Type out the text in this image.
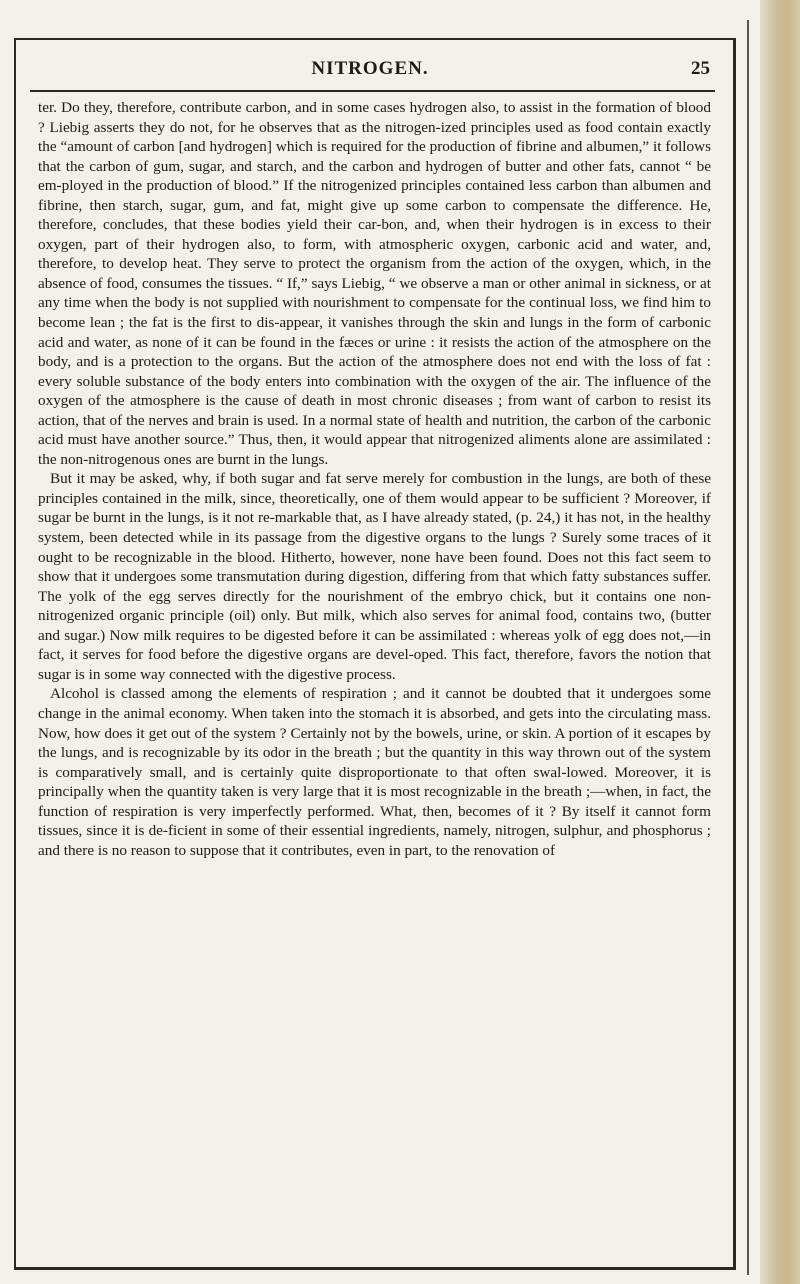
NITROGEN.	25

ter. Do they, therefore, contribute carbon, and in some cases hydrogen also, to assist in the formation of blood ? Liebig asserts they do not, for he observes that as the nitrogen-ized principles used as food contain exactly the “amount of carbon [and hydrogen] which is required for the production of fibrine and albumen,” it follows that the carbon of gum, sugar, and starch, and the carbon and hydrogen of butter and other fats, cannot “ be em-ployed in the production of blood.” If the nitrogenized principles contained less carbon than albumen and fibrine, then starch, sugar, gum, and fat, might give up some carbon to compensate the difference. He, therefore, concludes, that these bodies yield their car-bon, and, when their hydrogen is in excess to their oxygen, part of their hydrogen also, to form, with atmospheric oxygen, carbonic acid and water, and, therefore, to develop heat. They serve to protect the organism from the action of the oxygen, which, in the absence of food, consumes the tissues. “ If,” says Liebig, “ we observe a man or other animal in sickness, or at any time when the body is not supplied with nourishment to compensate for the continual loss, we find him to become lean ; the fat is the first to dis-appear, it vanishes through the skin and lungs in the form of carbonic acid and water, as none of it can be found in the fæces or urine : it resists the action of the atmosphere on the body, and is a protection to the organs. But the action of the atmosphere does not end with the loss of fat : every soluble substance of the body enters into combination with the oxygen of the air. The influence of the oxygen of the atmosphere is the cause of death in most chronic diseases ; from want of carbon to resist its action, that of the nerves and brain is used. In a normal state of health and nutrition, the carbon of the carbonic acid must have another source.” Thus, then, it would appear that nitrogenized aliments alone are assimilated : the non-nitrogenous ones are burnt in the lungs.

But it may be asked, why, if both sugar and fat serve merely for combustion in the lungs, are both of these principles contained in the milk, since, theoretically, one of them would appear to be sufficient ? Moreover, if sugar be burnt in the lungs, is it not re-markable that, as I have already stated, (p. 24,) it has not, in the healthy system, been detected while in its passage from the digestive organs to the lungs ? Surely some traces of it ought to be recognizable in the blood. Hitherto, however, none have been found. Does not this fact seem to show that it undergoes some transmutation during digestion, differing from that which fatty substances suffer. The yolk of the egg serves directly for the nourishment of the embryo chick, but it contains one non-nitrogenized organic principle (oil) only. But milk, which also serves for animal food, contains two, (butter and sugar.) Now milk requires to be digested before it can be assimilated : whereas yolk of egg does not,—in fact, it serves for food before the digestive organs are devel-oped. This fact, therefore, favors the notion that sugar is in some way connected with the digestive process.

Alcohol is classed among the elements of respiration ; and it cannot be doubted that it undergoes some change in the animal economy. When taken into the stomach it is absorbed, and gets into the circulating mass. Now, how does it get out of the system ? Certainly not by the bowels, urine, or skin. A portion of it escapes by the lungs, and is recognizable by its odor in the breath ; but the quantity in this way thrown out of the system is comparatively small, and is certainly quite disproportionate to that often swal-lowed. Moreover, it is principally when the quantity taken is very large that it is most recognizable in the breath ;—when, in fact, the function of respiration is very imperfectly performed. What, then, becomes of it ? By itself it cannot form tissues, since it is de-ficient in some of their essential ingredients, namely, nitrogen, sulphur, and phosphorus ; and there is no reason to suppose that it contributes, even in part, to the renovation of
